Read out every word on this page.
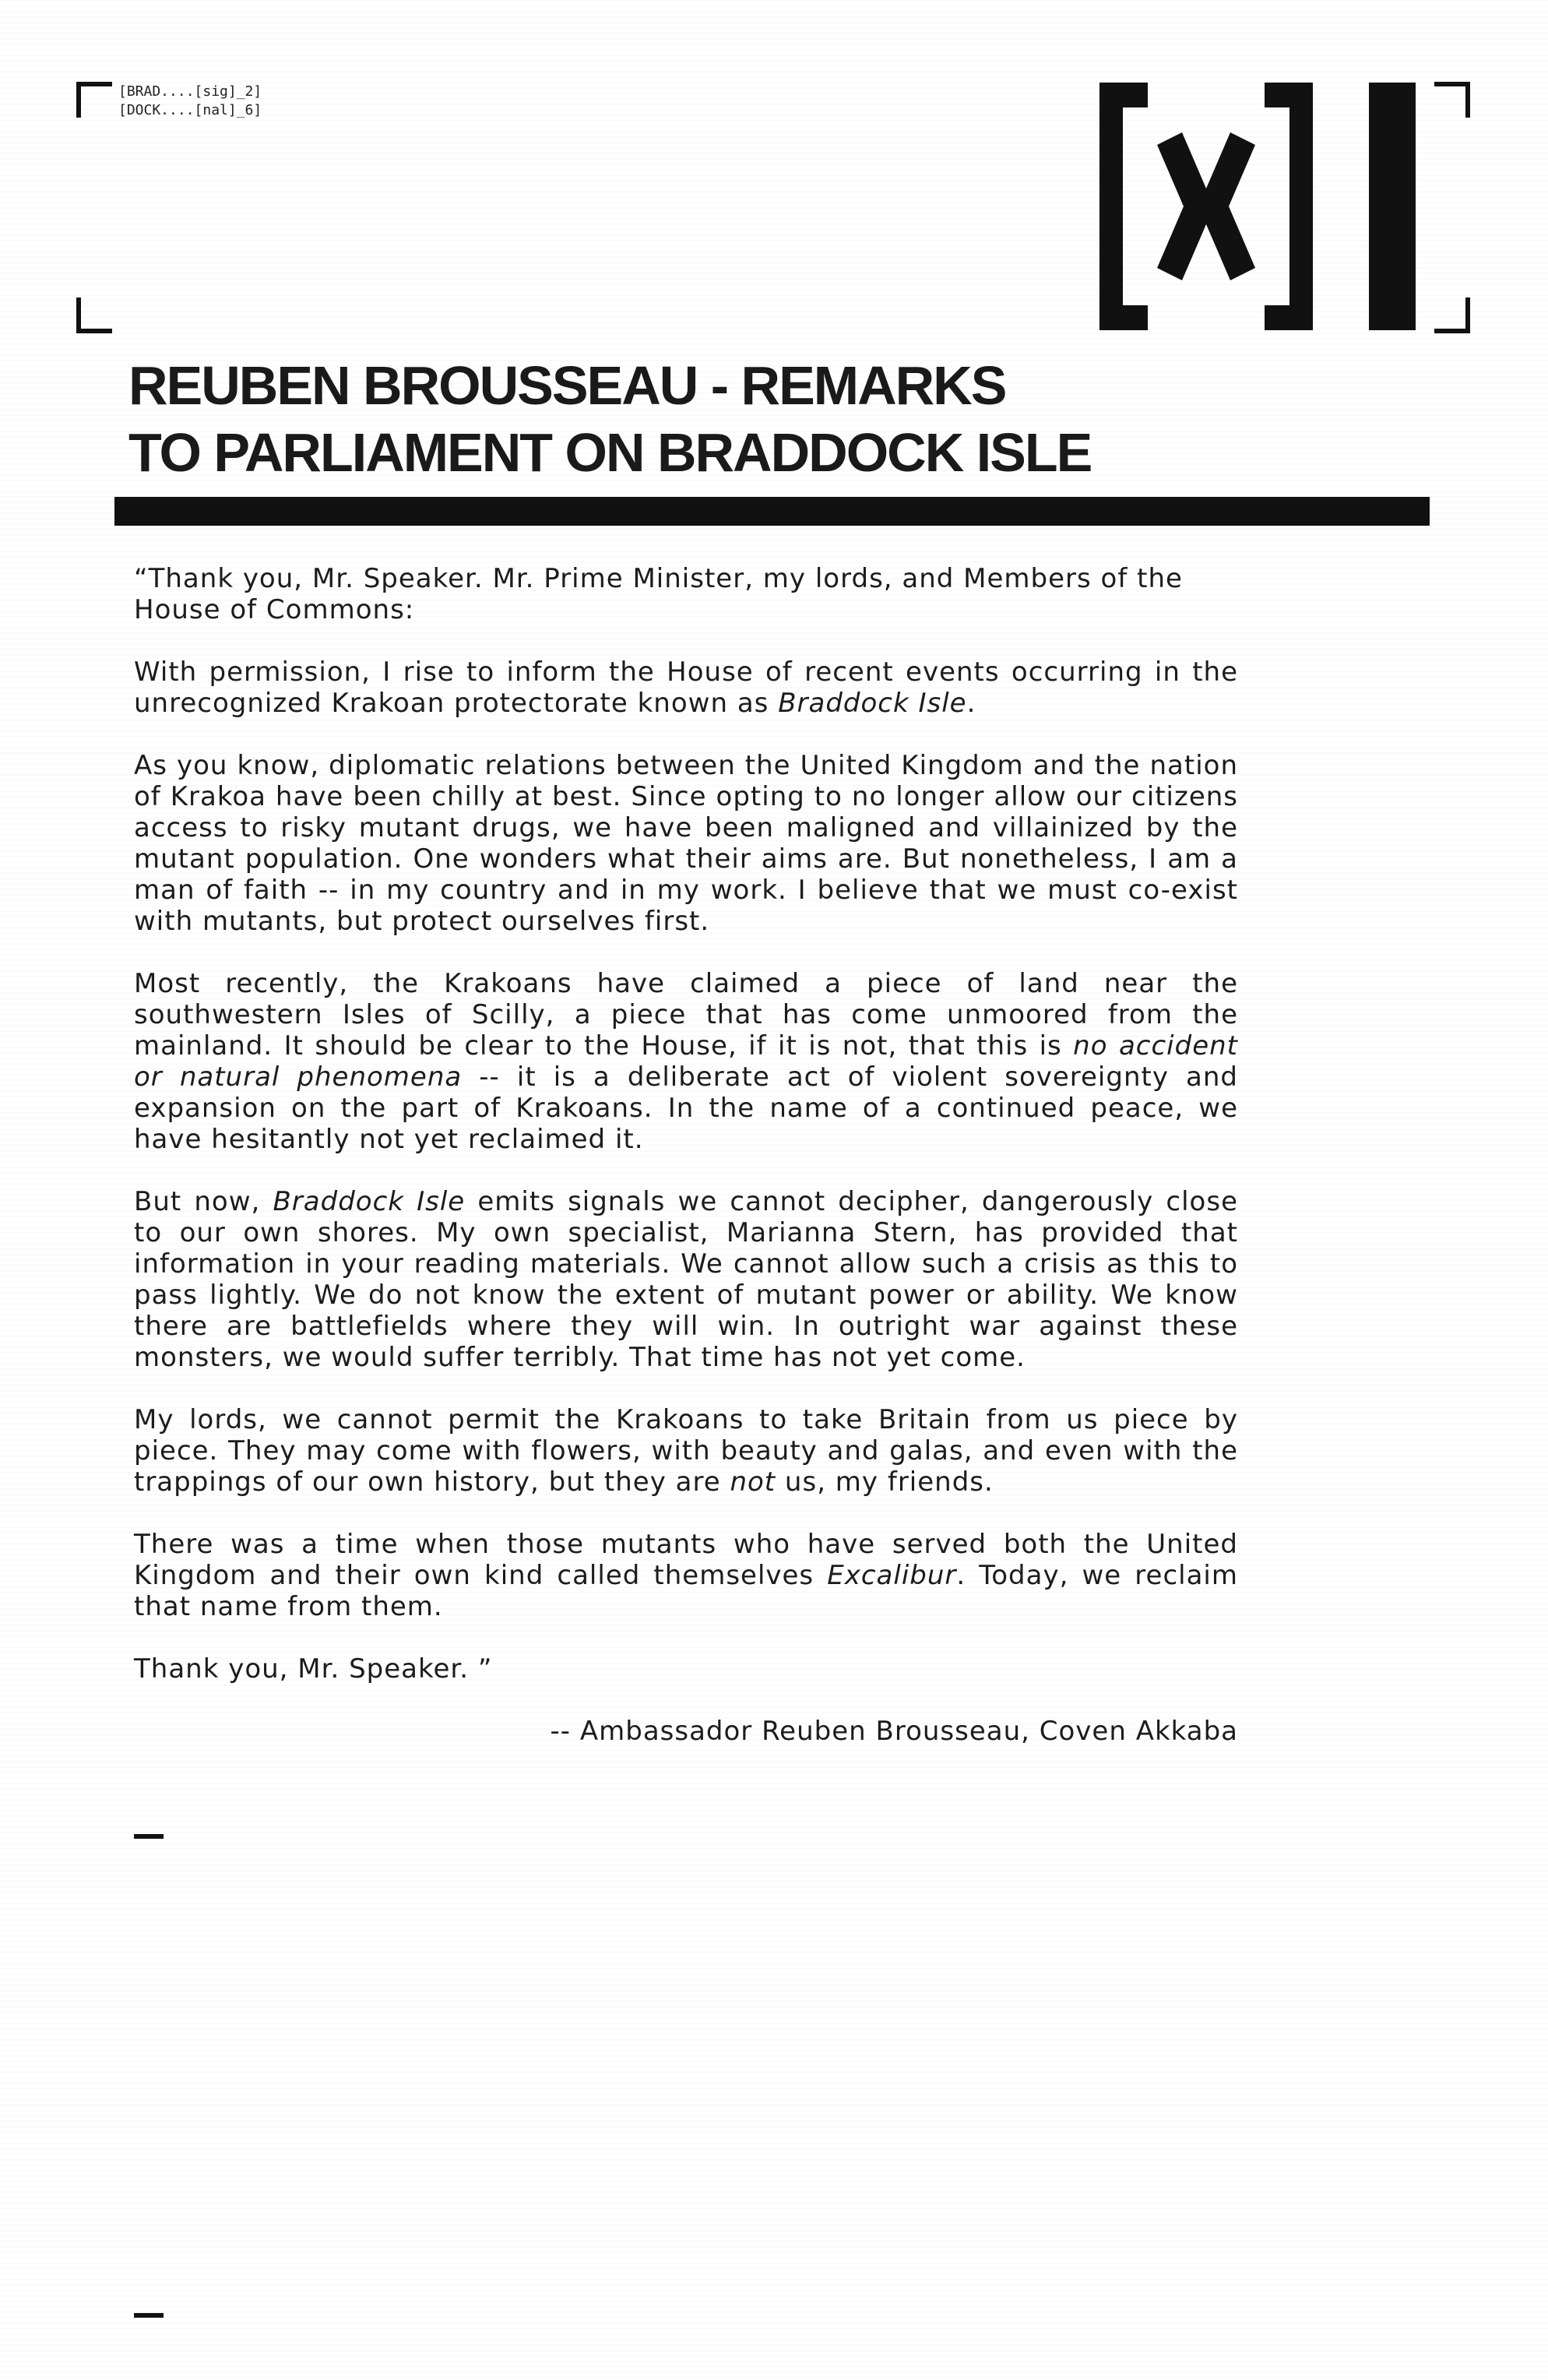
[BRAD....[sig]_2]
[DOCK....[nal]_6]
REUBEN BROUSSEAU - REMARKS
TO PARLIAMENT ON BRADDOCK ISLE

“Thank you, Mr. Speaker. Mr. Prime Minister, my lords, and Members of the House of Commons:

With permission, I rise to inform the House of recent events occurring in the unrecognized Krakoan protectorate known as Braddock Isle.

As you know, diplomatic relations between the United Kingdom and the nation of Krakoa have been chilly at best. Since opting to no longer allow our citizens access to risky mutant drugs, we have been maligned and villainized by the mutant population. One wonders what their aims are. But nonetheless, I am a man of faith -- in my country and in my work. I believe that we must co-exist with mutants, but protect ourselves first.

Most recently, the Krakoans have claimed a piece of land near the southwestern Isles of Scilly, a piece that has come unmoored from the mainland. It should be clear to the House, if it is not, that this is no accident or natural phenomena -- it is a deliberate act of violent sovereignty and expansion on the part of Krakoans. In the name of a continued peace, we have hesitantly not yet reclaimed it.

But now, Braddock Isle emits signals we cannot decipher, dangerously close to our own shores. My own specialist, Marianna Stern, has provided that information in your reading materials. We cannot allow such a crisis as this to pass lightly. We do not know the extent of mutant power or ability. We know there are battlefields where they will win. In outright war against these monsters, we would suffer terribly. That time has not yet come.

My lords, we cannot permit the Krakoans to take Britain from us piece by piece. They may come with flowers, with beauty and galas, and even with the trappings of our own history, but they are not us, my friends.

There was a time when those mutants who have served both the United Kingdom and their own kind called themselves Excalibur. Today, we reclaim that name from them.

Thank you, Mr. Speaker. ”

-- Ambassador Reuben Brousseau, Coven Akkaba
